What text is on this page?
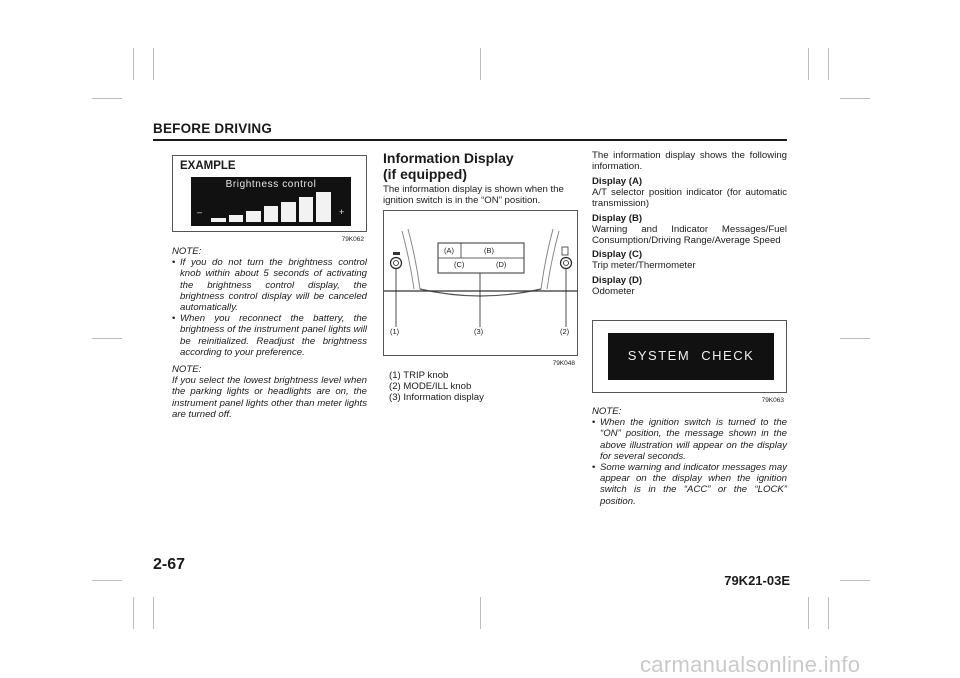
BEFORE DRIVING
EXAMPLE
Brightness control
–	+
79K062
NOTE:
• If you do not turn the brightness control knob within about 5 seconds of activating the brightness control display, the brightness control display will be canceled automatically.
• When you reconnect the battery, the brightness of the instrument panel lights will be reinitialized. Readjust the brightness according to your preference.
NOTE:
If you select the lowest brightness level when the parking lights or headlights are on, the instrument panel lights other than meter lights are turned off.
Information Display
(if equipped)
The information display is shown when the ignition switch is in the “ON” position.
(A)	(B)
(C)	(D)
(1)	(3)	(2)
79K048
(1) TRIP knob
(2) MODE/ILL knob
(3) Information display
The information display shows the following information.
Display (A)
A/T selector position indicator (for automatic transmission)
Display (B)
Warning and Indicator Messages/Fuel Consumption/Driving Range/Average Speed
Display (C)
Trip meter/Thermometer
Display (D)
Odometer
SYSTEM CHECK
79K063
NOTE:
• When the ignition switch is turned to the “ON” position, the message shown in the above illustration will appear on the display for several seconds.
• Some warning and indicator messages may appear on the display when the ignition switch is in the “ACC” or the “LOCK” position.
2-67
79K21-03E
carmanualsonline.info
